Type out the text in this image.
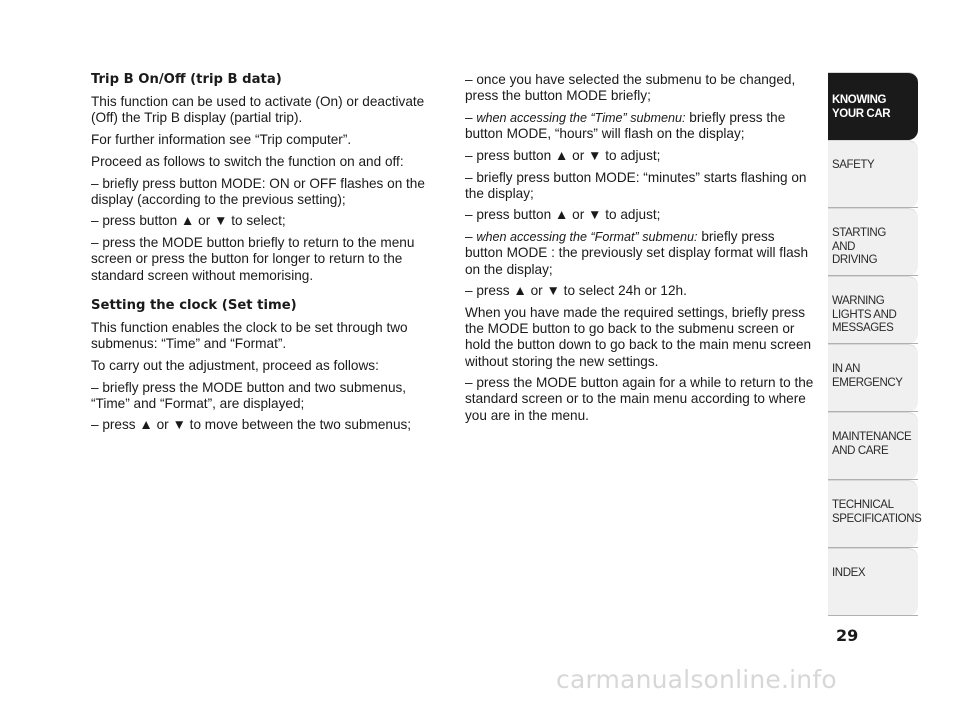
Trip B On/Off (trip B data)

This function can be used to activate (On) or deactivate (Off) the Trip B display (partial trip).

For further information see “Trip computer”.

Proceed as follows to switch the function on and off:

– briefly press button MODE: ON or OFF flashes on the display (according to the previous setting);

– press button ▲ or ▼ to select;

– press the MODE button briefly to return to the menu screen or press the button for longer to return to the standard screen without memorising.

Setting the clock (Set time)

This function enables the clock to be set through two submenus: “Time” and “Format”.

To carry out the adjustment, proceed as follows:

– briefly press the MODE button and two submenus, “Time” and “Format”, are displayed;

– press ▲ or ▼ to move between the two submenus;

– once you have selected the submenu to be changed, press the button MODE briefly;

– when accessing the “Time” submenu: briefly press the button MODE, “hours” will flash on the display;

– press button ▲ or ▼ to adjust;

– briefly press button MODE: “minutes” starts flashing on the display;

– press button ▲ or ▼ to adjust;

– when accessing the “Format” submenu: briefly press button MODE : the previously set display format will flash on the display;

– press ▲ or ▼ to select 24h or 12h.

When you have made the required settings, briefly press the MODE button to go back to the submenu screen or hold the button down to go back to the main menu screen without storing the new settings.

– press the MODE button again for a while to return to the standard screen or to the main menu according to where you are in the menu.

KNOWING
YOUR CAR
SAFETY
STARTING
AND
DRIVING
WARNING
LIGHTS AND
MESSAGES
IN AN
EMERGENCY
MAINTENANCE
AND CARE
TECHNICAL
SPECIFICATIONS
INDEX
29
carmanualsonline.info
